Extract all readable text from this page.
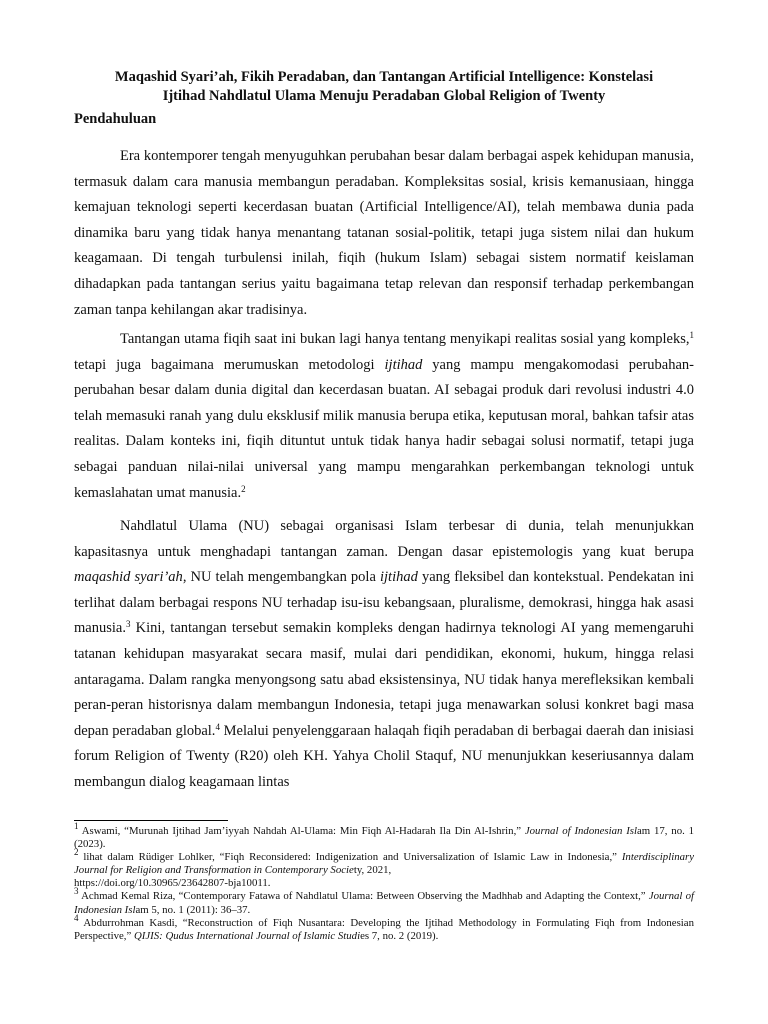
Maqashid Syari’ah, Fikih Peradaban, dan Tantangan Artificial Intelligence: Konstelasi
Ijtihad Nahdlatul Ulama Menuju Peradaban Global Religion of Twenty
Pendahuluan

Era kontemporer tengah menyuguhkan perubahan besar dalam berbagai aspek kehidupan manusia, termasuk dalam cara manusia membangun peradaban. Kompleksitas sosial, krisis kemanusiaan, hingga kemajuan teknologi seperti kecerdasan buatan (Artificial Intelligence/AI), telah membawa dunia pada dinamika baru yang tidak hanya menantang tatanan sosial-politik, tetapi juga sistem nilai dan hukum keagamaan. Di tengah turbulensi inilah, fiqih (hukum Islam) sebagai sistem normatif keislaman dihadapkan pada tantangan serius yaitu bagaimana tetap relevan dan responsif terhadap perkembangan zaman tanpa kehilangan akar tradisinya.

Tantangan utama fiqih saat ini bukan lagi hanya tentang menyikapi realitas sosial yang kompleks,$^1$ tetapi juga bagaimana merumuskan metodologi ijtihad yang mampu mengakomodasi perubahan-perubahan besar dalam dunia digital dan kecerdasan buatan. AI sebagai produk dari revolusi industri 4.0 telah memasuki ranah yang dulu eksklusif milik manusia berupa etika, keputusan moral, bahkan tafsir atas realitas. Dalam konteks ini, fiqih dituntut untuk tidak hanya hadir sebagai solusi normatif, tetapi juga sebagai panduan nilai-nilai universal yang mampu mengarahkan perkembangan teknologi untuk kemaslahatan umat manusia.$^2$

Nahdlatul Ulama (NU) sebagai organisasi Islam terbesar di dunia, telah menunjukkan kapasitasnya untuk menghadapi tantangan zaman. Dengan dasar epistemologis yang kuat berupa maqashid syari’ah, NU telah mengembangkan pola ijtihad yang fleksibel dan kontekstual. Pendekatan ini terlihat dalam berbagai respons NU terhadap isu-isu kebangsaan, pluralisme, demokrasi, hingga hak asasi manusia.$^3$ Kini, tantangan tersebut semakin kompleks dengan hadirnya teknologi AI yang memengaruhi tatanan kehidupan masyarakat secara masif, mulai dari pendidikan, ekonomi, hukum, hingga relasi antaragama. Dalam rangka menyongsong satu abad eksistensinya, NU tidak hanya merefleksikan kembali peran-peran historisnya dalam membangun Indonesia, tetapi juga menawarkan solusi konkret bagi masa depan peradaban global.$^4$ Melalui penyelenggaraan halaqah fiqih peradaban di berbagai daerah dan inisiasi forum Religion of Twenty (R20) oleh KH. Yahya Cholil Staquf, NU menunjukkan keseriusannya dalam membangun dialog keagamaan lintas

$^1$ Aswami, “Murunah Ijtihad Jam’iyyah Nahdah Al-Ulama: Min Fiqh Al-Hadarah Ila Din Al-Ishrin,” Journal of Indonesian Islam 17, no. 1 (2023).

$^2$ lihat dalam Rüdiger Lohlker, “Fiqh Reconsidered: Indigenization and Universalization of Islamic Law in Indonesia,” Interdisciplinary Journal for Religion and Transformation in Contemporary Society, 2021,

https://doi.org/10.30965/23642807-bja10011.

$^3$ Achmad Kemal Riza, “Contemporary Fatawa of Nahdlatul Ulama: Between Observing the Madhhab and Adapting the Context,” Journal of Indonesian Islam 5, no. 1 (2011): 36–37.

$^4$ Abdurrohman Kasdi, “Reconstruction of Fiqh Nusantara: Developing the Ijtihad Methodology in Formulating Fiqh from Indonesian Perspective,” QIJIS: Qudus International Journal of Islamic Studies 7, no. 2 (2019).
